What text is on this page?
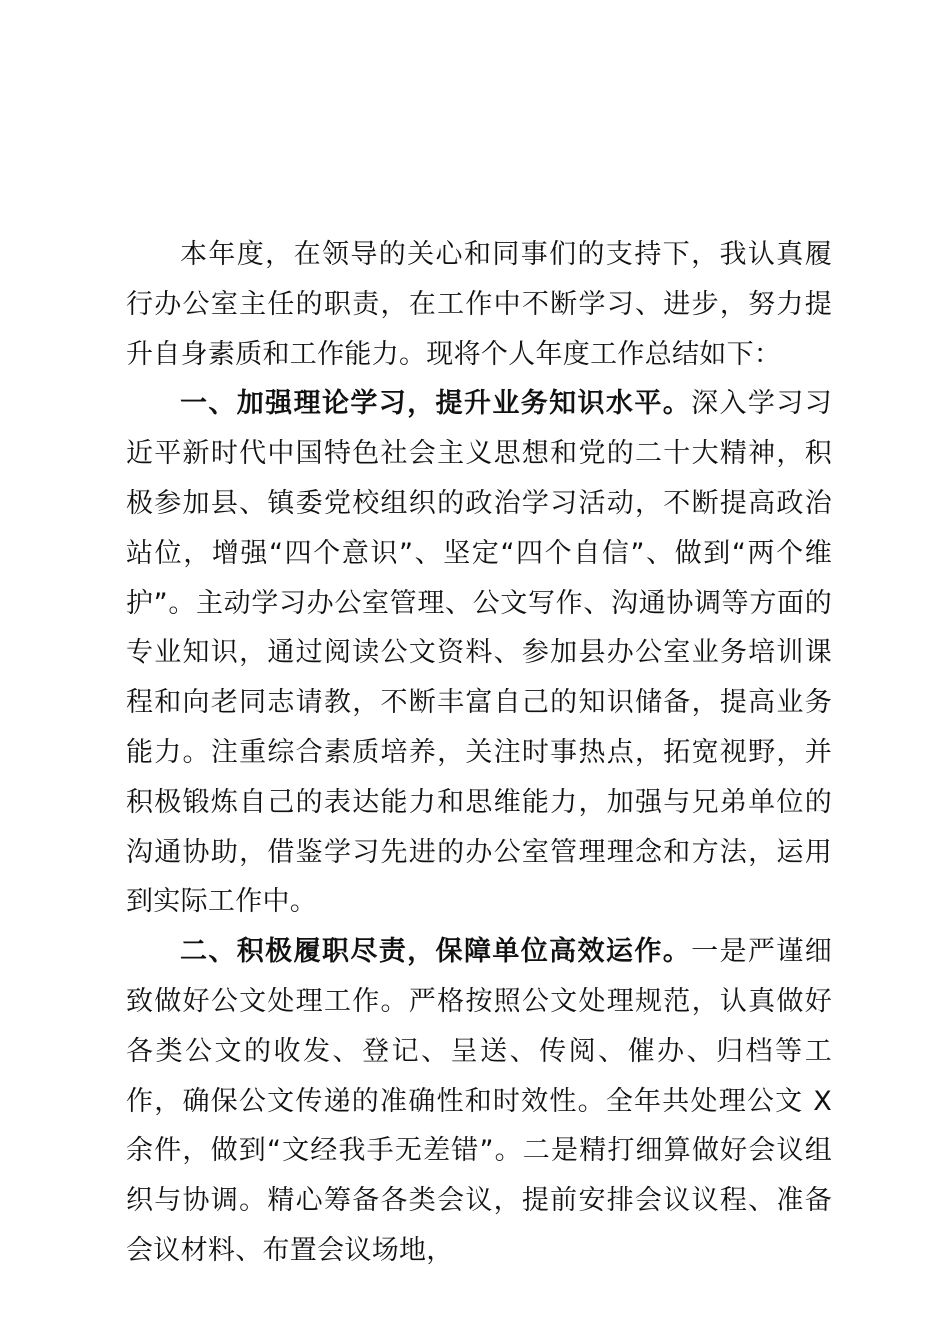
本年度，在领导的关心和同事们的支持下，我认真履行办公室主任的职责，在工作中不断学习、进步，努力提升自身素质和工作能力。现将个人年度工作总结如下：

一、加强理论学习，提升业务知识水平。深入学习习近平新时代中国特色社会主义思想和党的二十大精神，积极参加县、镇委党校组织的政治学习活动，不断提高政治站位，增强“四个意识”、坚定“四个自信”、做到“两个维护”。主动学习办公室管理、公文写作、沟通协调等方面的专业知识，通过阅读公文资料、参加县办公室业务培训课程和向老同志请教，不断丰富自己的知识储备，提高业务能力。注重综合素质培养，关注时事热点，拓宽视野，并积极锻炼自己的表达能力和思维能力，加强与兄弟单位的沟通协助，借鉴学习先进的办公室管理理念和方法，运用到实际工作中。

二、积极履职尽责，保障单位高效运作。一是严谨细致做好公文处理工作。严格按照公文处理规范，认真做好各类公文的收发、登记、呈送、传阅、催办、归档等工作，确保公文传递的准确性和时效性。全年共处理公文 X 余件，做到“文经我手无差错”。二是精打细算做好会议组织与协调。精心筹备各类会议，提前安排会议议程、准备会议材料、布置会议场地，
